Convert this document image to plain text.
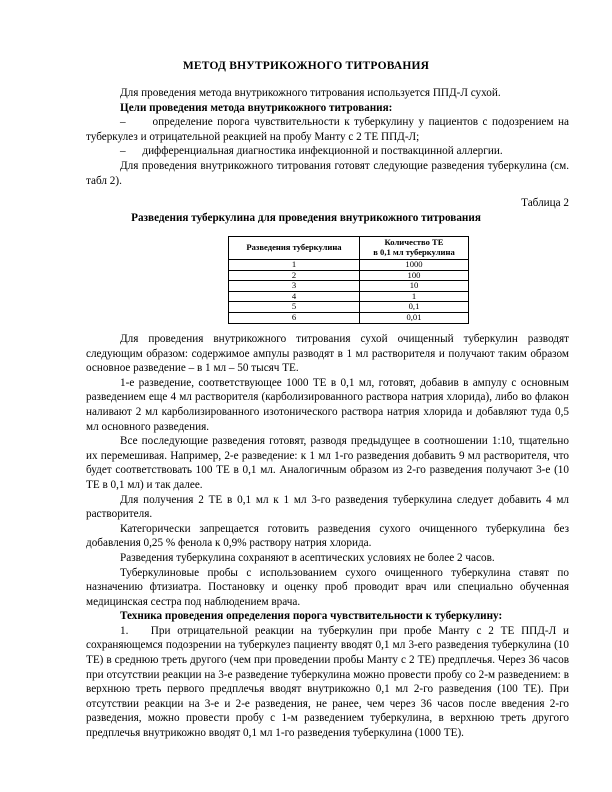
МЕТОД ВНУТРИКОЖНОГО ТИТРОВАНИЯ

Для проведения метода внутрикожного титрования используется ППД-Л сухой.

Цели проведения метода внутрикожного титрования:

– определение порога чувствительности к туберкулину у пациентов с подозрением на туберкулез и отрицательной реакцией на пробу Манту с 2 ТЕ ППД-Л;

– дифференциальная диагностика инфекционной и поствакцинной аллергии.

Для проведения внутрикожного титрования готовят следующие разведения туберкулина (см. табл 2).

Таблица 2
Разведения туберкулина для проведения внутрикожного титрования
Разведения туберкулина	Количество ТЕ
в 0,1 мл туберкулина

1	1000
2	100
3	10
4	1
5	0,1
6	0,01

Для проведения внутрикожного титрования сухой очищенный туберкулин разводят следующим образом: содержимое ампулы разводят в 1 мл растворителя и получают таким образом основное разведение – в 1 мл – 50 тысяч ТЕ.

1-е разведение, соответствующее 1000 ТЕ в 0,1 мл, готовят, добавив в ампулу с основным разведением еще 4 мл растворителя (карболизированного раствора натрия хлорида), либо во флакон наливают 2 мл карболизированного изотонического раствора натрия хлорида и добавляют туда 0,5 мл основного разведения.

Все последующие разведения готовят, разводя предыдущее в соотношении 1:10, тщательно их перемешивая. Например, 2-е разведение: к 1 мл 1-го разведения добавить 9 мл растворителя, что будет соответствовать 100 ТЕ в 0,1 мл. Аналогичным образом из 2-го разведения получают 3-е (10 ТЕ в 0,1 мл) и так далее.

Для получения 2 ТЕ в 0,1 мл к 1 мл 3-го разведения туберкулина следует добавить 4 мл растворителя.

Категорически запрещается готовить разведения сухого очищенного туберкулина без добавления 0,25 % фенола к 0,9% раствору натрия хлорида.

Разведения туберкулина сохраняют в асептических условиях не более 2 часов.

Туберкулиновые пробы с использованием сухого очищенного туберкулина ставят по назначению фтизиатра. Постановку и оценку проб проводит врач или специально обученная медицинская сестра под наблюдением врача.

Техника проведения определения порога чувствительности к туберкулину:

1.  При отрицательной реакции на туберкулин при пробе Манту с 2 ТЕ ППД-Л и сохраняющемся подозрении на туберкулез пациенту вводят 0,1 мл 3-его разведения туберкулина (10 ТЕ) в среднюю треть другого (чем при проведении пробы Манту с 2 ТЕ) предплечья. Через 36 часов при отсутствии реакции на 3-е разведение туберкулина можно провести пробу со 2-м разведением: в верхнюю треть первого предплечья вводят внутрикожно 0,1 мл 2-го разведения (100 ТЕ). При отсутствии реакции на 3-е и 2-е разведения, не ранее, чем через 36 часов после введения 2-го разведения, можно провести пробу с 1-м разведением туберкулина, в верхнюю треть другого предплечья внутрикожно вводят 0,1 мл 1-го разведения туберкулина (1000 ТЕ).
